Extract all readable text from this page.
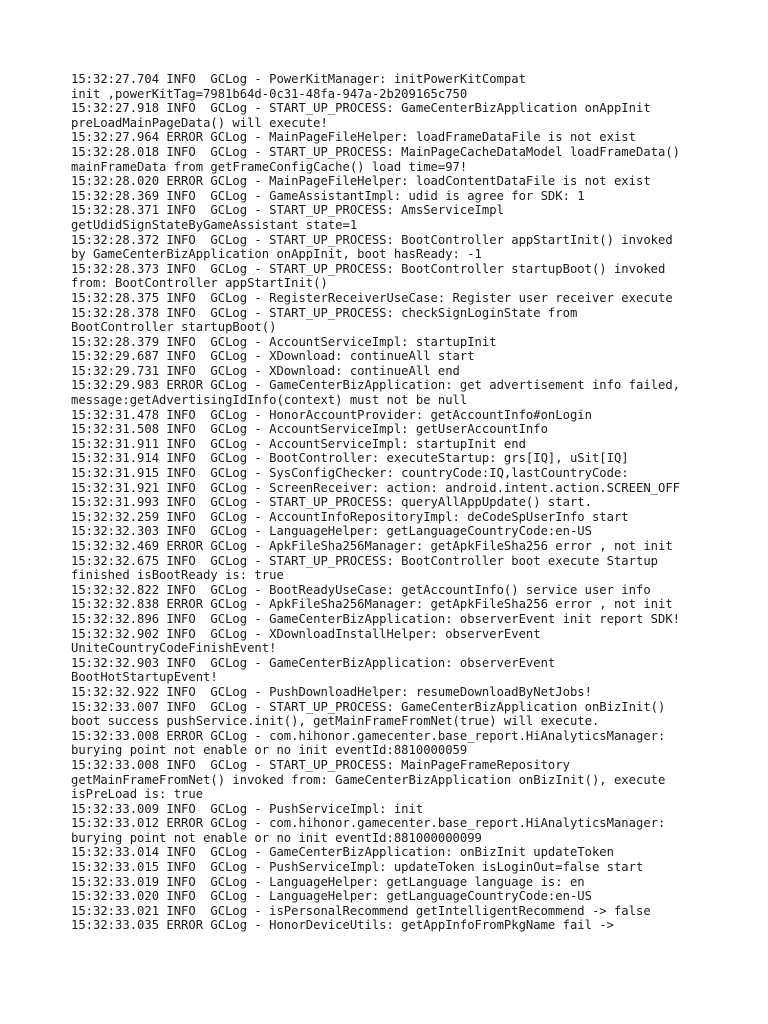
15:32:27.704 INFO  GCLog - PowerKitManager: initPowerKitCompat
init ,powerKitTag=7981b64d-0c31-48fa-947a-2b209165c750
15:32:27.918 INFO  GCLog - START_UP_PROCESS: GameCenterBizApplication onAppInit
preLoadMainPageData() will execute!
15:32:27.964 ERROR GCLog - MainPageFileHelper: loadFrameDataFile is not exist
15:32:28.018 INFO  GCLog - START_UP_PROCESS: MainPageCacheDataModel loadFrameData()
mainFrameData from getFrameConfigCache() load time=97!
15:32:28.020 ERROR GCLog - MainPageFileHelper: loadContentDataFile is not exist
15:32:28.369 INFO  GCLog - GameAssistantImpl: udid is agree for SDK: 1
15:32:28.371 INFO  GCLog - START_UP_PROCESS: AmsServiceImpl
getUdidSignStateByGameAssistant state=1
15:32:28.372 INFO  GCLog - START_UP_PROCESS: BootController appStartInit() invoked
by GameCenterBizApplication onAppInit, boot hasReady: -1
15:32:28.373 INFO  GCLog - START_UP_PROCESS: BootController startupBoot() invoked
from: BootController appStartInit()
15:32:28.375 INFO  GCLog - RegisterReceiverUseCase: Register user receiver execute
15:32:28.378 INFO  GCLog - START_UP_PROCESS: checkSignLoginState from
BootController startupBoot()
15:32:28.379 INFO  GCLog - AccountServiceImpl: startupInit
15:32:29.687 INFO  GCLog - XDownload: continueAll start
15:32:29.731 INFO  GCLog - XDownload: continueAll end
15:32:29.983 ERROR GCLog - GameCenterBizApplication: get advertisement info failed,
message:getAdvertisingIdInfo(context) must not be null
15:32:31.478 INFO  GCLog - HonorAccountProvider: getAccountInfo#onLogin
15:32:31.508 INFO  GCLog - AccountServiceImpl: getUserAccountInfo
15:32:31.911 INFO  GCLog - AccountServiceImpl: startupInit end
15:32:31.914 INFO  GCLog - BootController: executeStartup: grs[IQ], uSit[IQ]
15:32:31.915 INFO  GCLog - SysConfigChecker: countryCode:IQ,lastCountryCode:
15:32:31.921 INFO  GCLog - ScreenReceiver: action: android.intent.action.SCREEN_OFF
15:32:31.993 INFO  GCLog - START_UP_PROCESS: queryAllAppUpdate() start.
15:32:32.259 INFO  GCLog - AccountInfoRepositoryImpl: deCodeSpUserInfo start
15:32:32.303 INFO  GCLog - LanguageHelper: getLanguageCountryCode:en-US
15:32:32.469 ERROR GCLog - ApkFileSha256Manager: getApkFileSha256 error , not init
15:32:32.675 INFO  GCLog - START_UP_PROCESS: BootController boot execute Startup
finished isBootReady is: true
15:32:32.822 INFO  GCLog - BootReadyUseCase: getAccountInfo() service user info
15:32:32.838 ERROR GCLog - ApkFileSha256Manager: getApkFileSha256 error , not init
15:32:32.896 INFO  GCLog - GameCenterBizApplication: observerEvent init report SDK!
15:32:32.902 INFO  GCLog - XDownloadInstallHelper: observerEvent
UniteCountryCodeFinishEvent!
15:32:32.903 INFO  GCLog - GameCenterBizApplication: observerEvent
BootHotStartupEvent!
15:32:32.922 INFO  GCLog - PushDownloadHelper: resumeDownloadByNetJobs!
15:32:33.007 INFO  GCLog - START_UP_PROCESS: GameCenterBizApplication onBizInit()
boot success pushService.init(), getMainFrameFromNet(true) will execute.
15:32:33.008 ERROR GCLog - com.hihonor.gamecenter.base_report.HiAnalyticsManager:
burying point not enable or no init eventId:8810000059
15:32:33.008 INFO  GCLog - START_UP_PROCESS: MainPageFrameRepository
getMainFrameFromNet() invoked from: GameCenterBizApplication onBizInit(), execute
isPreLoad is: true
15:32:33.009 INFO  GCLog - PushServiceImpl: init
15:32:33.012 ERROR GCLog - com.hihonor.gamecenter.base_report.HiAnalyticsManager:
burying point not enable or no init eventId:881000000099
15:32:33.014 INFO  GCLog - GameCenterBizApplication: onBizInit updateToken
15:32:33.015 INFO  GCLog - PushServiceImpl: updateToken isLoginOut=false start
15:32:33.019 INFO  GCLog - LanguageHelper: getLanguage language is: en
15:32:33.020 INFO  GCLog - LanguageHelper: getLanguageCountryCode:en-US
15:32:33.021 INFO  GCLog - isPersonalRecommend getIntelligentRecommend -> false
15:32:33.035 ERROR GCLog - HonorDeviceUtils: getAppInfoFromPkgName fail ->
